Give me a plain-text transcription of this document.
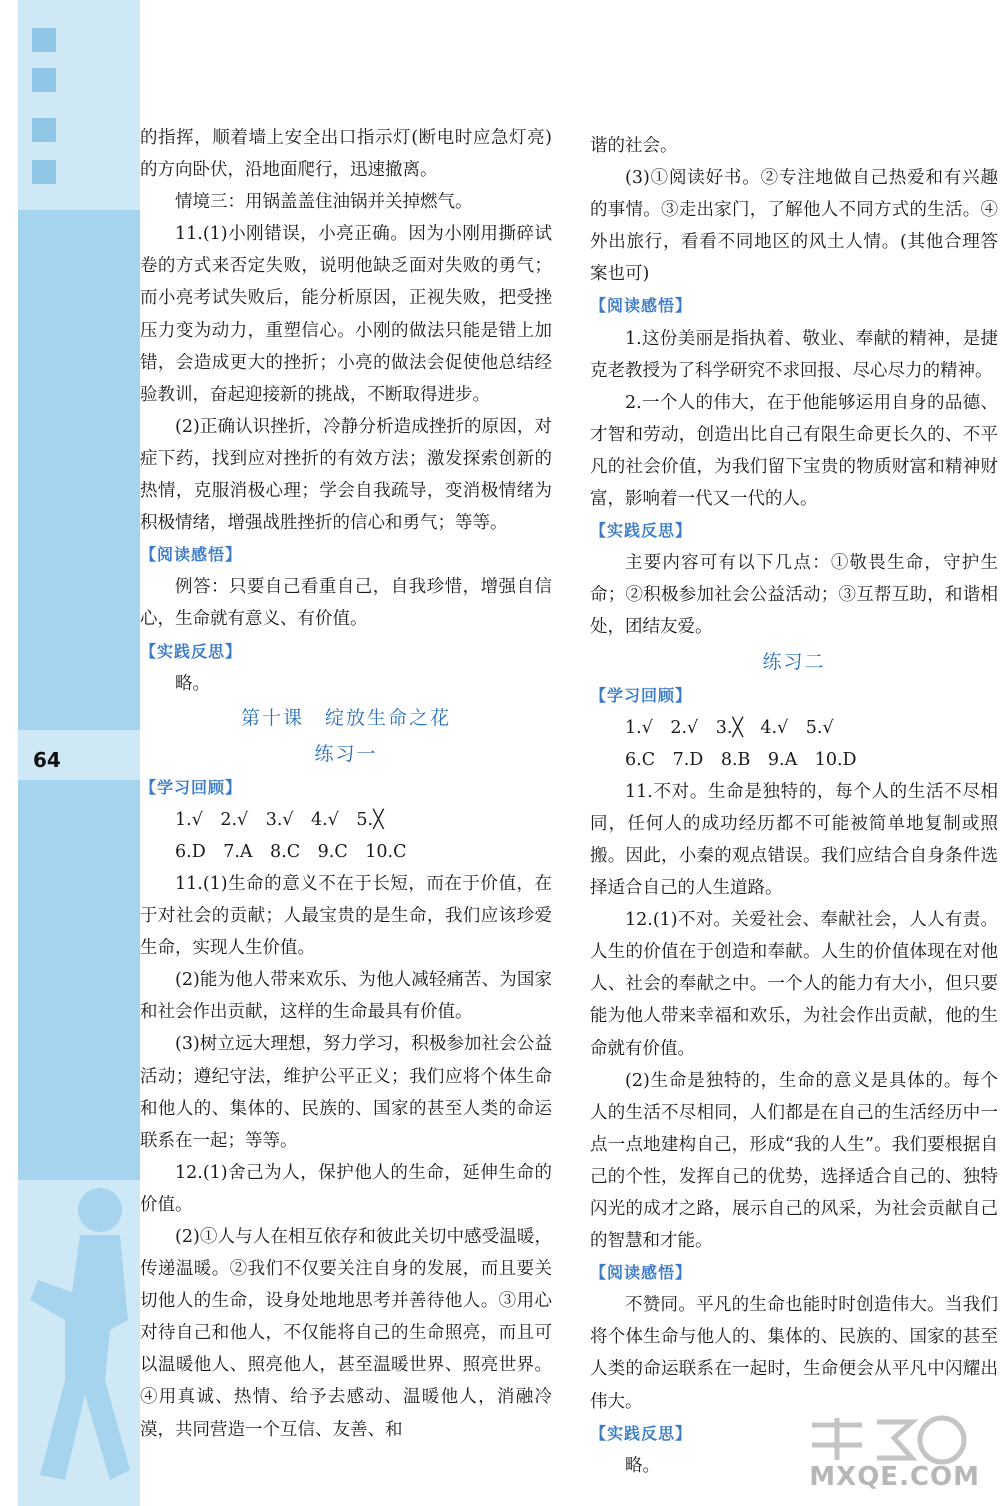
64

的指挥，顺着墙上安全出口指示灯(断电时应急灯亮)的方向卧伏，沿地面爬行，迅速撤离。

情境三：用锅盖盖住油锅并关掉燃气。

11.(1)小刚错误，小亮正确。因为小刚用撕碎试卷的方式来否定失败，说明他缺乏面对失败的勇气；而小亮考试失败后，能分析原因，正视失败，把受挫压力变为动力，重塑信心。小刚的做法只能是错上加错，会造成更大的挫折；小亮的做法会促使他总结经验教训，奋起迎接新的挑战，不断取得进步。

(2)正确认识挫折，冷静分析造成挫折的原因，对症下药，找到应对挫折的有效方法；激发探索创新的热情，克服消极心理；学会自我疏导，变消极情绪为积极情绪，增强战胜挫折的信心和勇气；等等。

【阅读感悟】

例答：只要自己看重自己，自我珍惜，增强自信心，生命就有意义、有价值。

【实践反思】

略。

第十课　绽放生命之花
练习一
【学习回顾】

1.√　2.√　3.√　4.√　5.╳

6.D　7.A　8.C　9.C　10.C

11.(1)生命的意义不在于长短，而在于价值，在于对社会的贡献；人最宝贵的是生命，我们应该珍爱生命，实现人生价值。

(2)能为他人带来欢乐、为他人减轻痛苦、为国家和社会作出贡献，这样的生命最具有价值。

(3)树立远大理想，努力学习，积极参加社会公益活动；遵纪守法，维护公平正义；我们应将个体生命和他人的、集体的、民族的、国家的甚至人类的命运联系在一起；等等。

12.(1)舍己为人，保护他人的生命，延伸生命的价值。

(2)①人与人在相互依存和彼此关切中感受温暖，传递温暖。②我们不仅要关注自身的发展，而且要关切他人的生命，设身处地地思考并善待他人。③用心对待自己和他人，不仅能将自己的生命照亮，而且可以温暖他人、照亮他人，甚至温暖世界、照亮世界。④用真诚、热情、给予去感动、温暖他人，消融冷漠，共同营造一个互信、友善、和

谐的社会。

(3)①阅读好书。②专注地做自己热爱和有兴趣的事情。③走出家门，了解他人不同方式的生活。④外出旅行，看看不同地区的风土人情。(其他合理答案也可)

【阅读感悟】

1.这份美丽是指执着、敬业、奉献的精神，是捷克老教授为了科学研究不求回报、尽心尽力的精神。

2.一个人的伟大，在于他能够运用自身的品德、才智和劳动，创造出比自己有限生命更长久的、不平凡的社会价值，为我们留下宝贵的物质财富和精神财富，影响着一代又一代的人。

【实践反思】

主要内容可有以下几点：①敬畏生命，守护生命；②积极参加社会公益活动；③互帮互助，和谐相处，团结友爱。

练习二
【学习回顾】

1.√　2.√　3.╳　4.√　5.√

6.C　7.D　8.B　9.A　10.D

11.不对。生命是独特的，每个人的生活不尽相同，任何人的成功经历都不可能被简单地复制或照搬。因此，小秦的观点错误。我们应结合自身条件选择适合自己的人生道路。

12.(1)不对。关爱社会、奉献社会，人人有责。人生的价值在于创造和奉献。人生的价值体现在对他人、社会的奉献之中。一个人的能力有大小，但只要能为他人带来幸福和欢乐，为社会作出贡献，他的生命就有价值。

(2)生命是独特的，生命的意义是具体的。每个人的生活不尽相同，人们都是在自己的生活经历中一点一点地建构自己，形成“我的人生”。我们要根据自己的个性，发挥自己的优势，选择适合自己的、独特闪光的成才之路，展示自己的风采，为社会贡献自己的智慧和才能。

【阅读感悟】

不赞同。平凡的生命也能时时创造伟大。当我们将个体生命与他人的、集体的、民族的、国家的甚至人类的命运联系在一起时，生命便会从平凡中闪耀出伟大。

【实践反思】

略。	MXQE.COM
